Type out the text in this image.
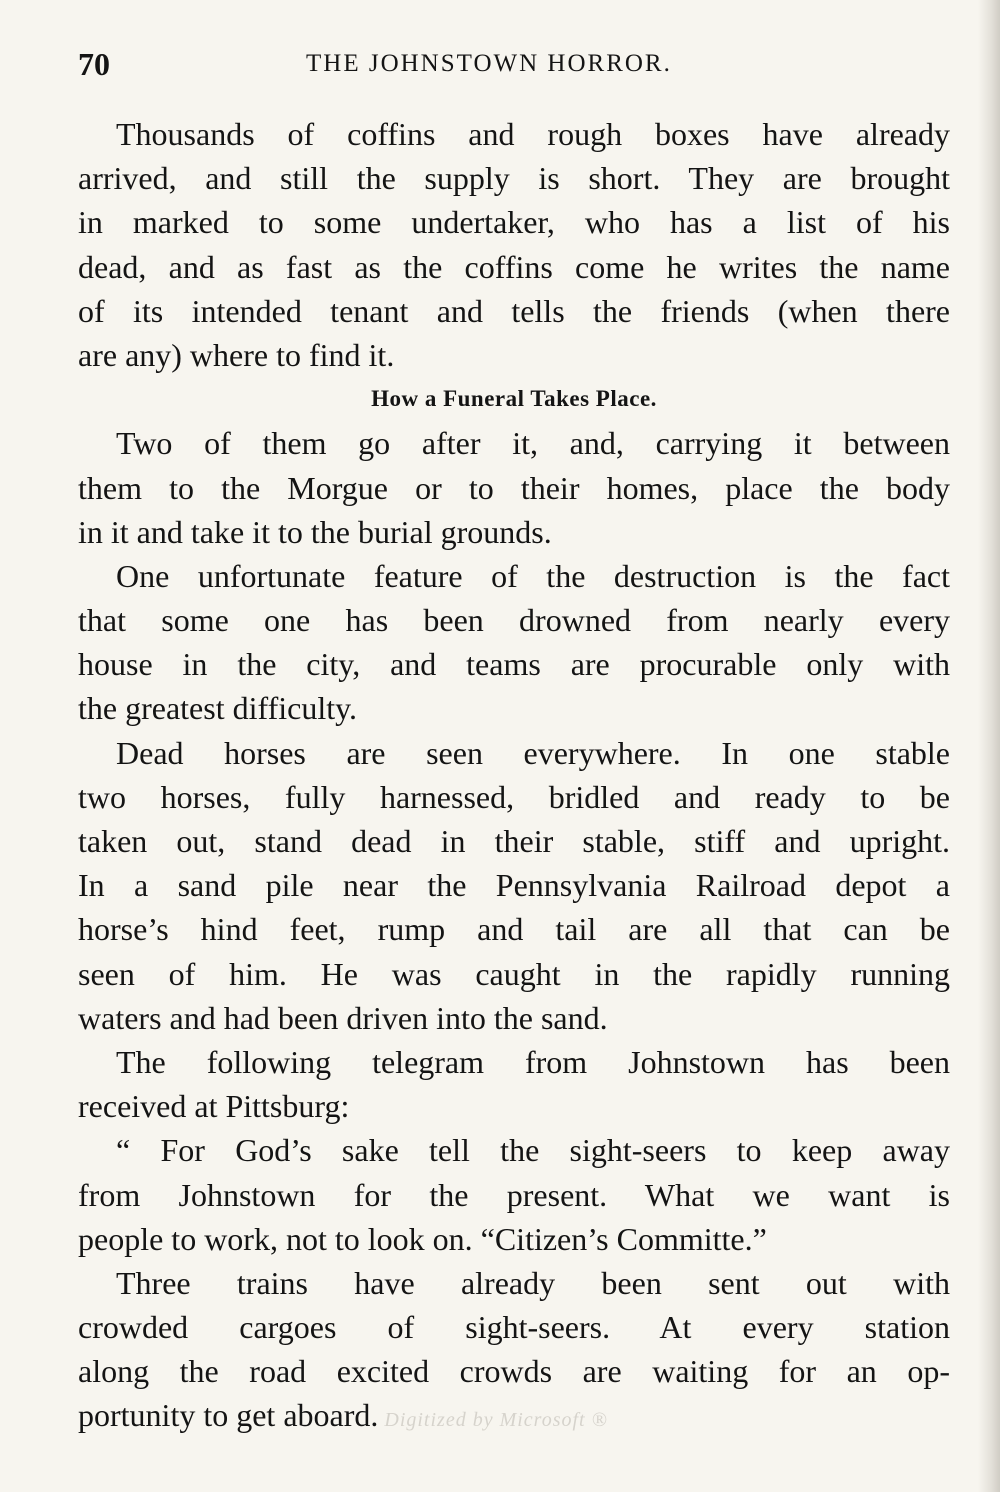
70	THE JOHNSTOWN HORROR.
Thousands of coffins and rough boxes have already
arrived, and still the supply is short. They are brought
in marked to some undertaker, who has a list of his
dead, and as fast as the coffins come he writes the name
of its intended tenant and tells the friends (when there
are any) where to find it.
How a Funeral Takes Place.
Two of them go after it, and, carrying it between
them to the Morgue or to their homes, place the body
in it and take it to the burial grounds.
One unfortunate feature of the destruction is the fact
that some one has been drowned from nearly every
house in the city, and teams are procurable only with
the greatest difficulty.
Dead horses are seen everywhere. In one stable
two horses, fully harnessed, bridled and ready to be
taken out, stand dead in their stable, stiff and upright.
In a sand pile near the Pennsylvania Railroad depot a
horse’s hind feet, rump and tail are all that can be
seen of him. He was caught in the rapidly running
waters and had been driven into the sand.
The following telegram from Johnstown has been
received at Pittsburg:
“ For God’s sake tell the sight-seers to keep away
from Johnstown for the present. What we want is
people to work, not to look on. “Citizen’s Committe.”
Three trains have already been sent out with
crowded cargoes of sight-seers. At every station
along the road excited crowds are waiting for an op-
portunity to get aboard. Digitized by Microsoft ®
